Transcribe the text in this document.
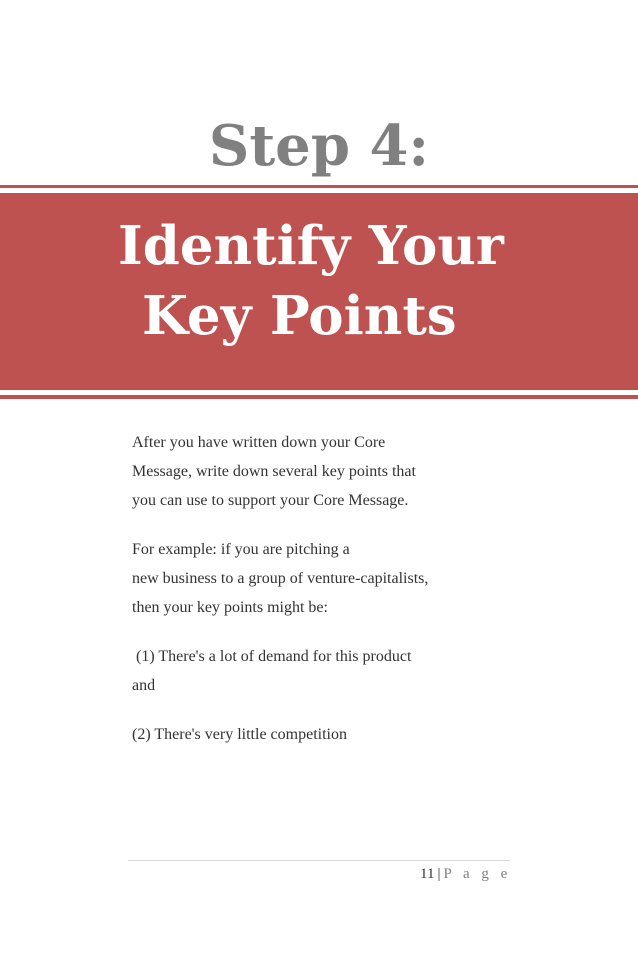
Step 4:
Identify Your
Key Points

After you have written down your Core
Message, write down several key points that
you can use to support your Core Message.

For example: if you are pitching a
new business to a group of venture-capitalists,
then your key points might be:

(1) There's a lot of demand for this product
and

(2) There's very little competition

11 | P a g e
